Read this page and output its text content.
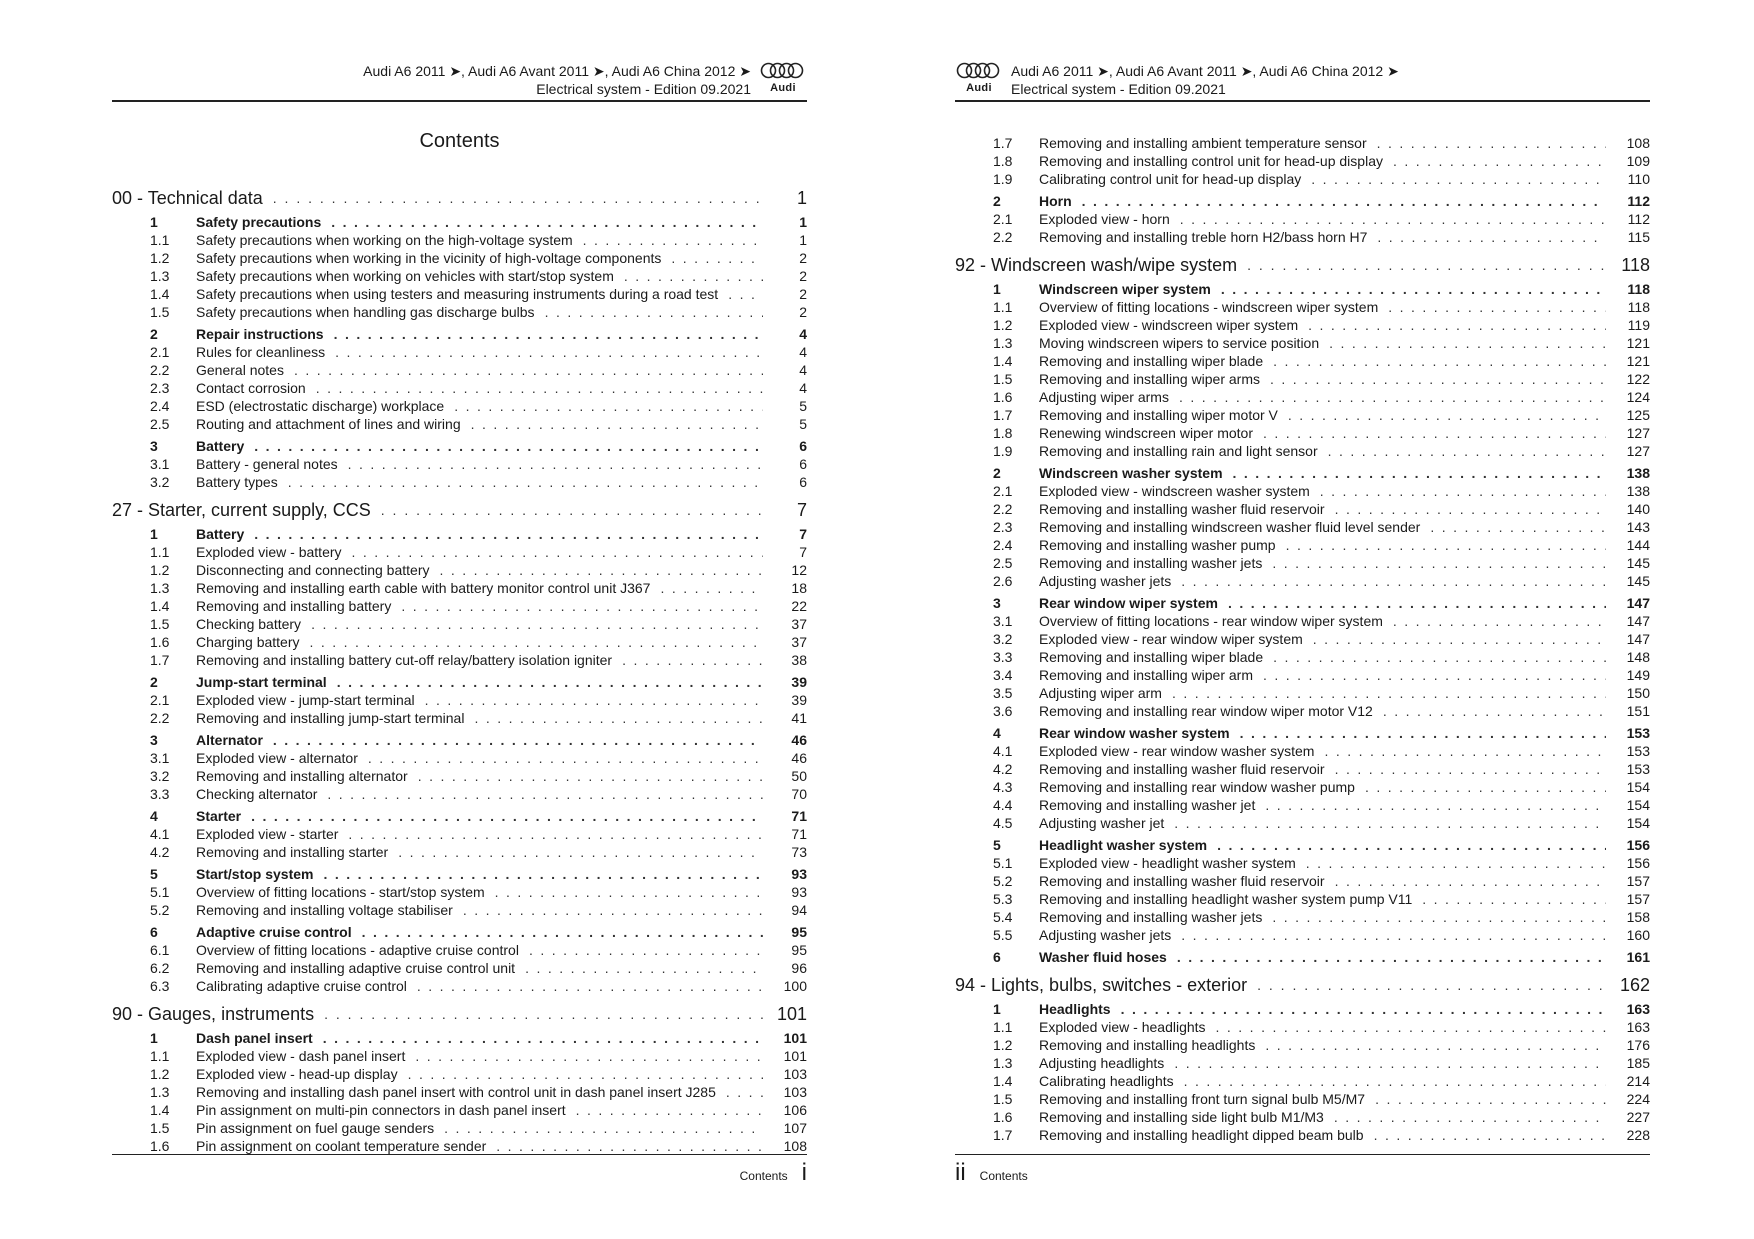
Audi A6 2011 ➤, Audi A6 Avant 2011 ➤, Audi A6 China 2012 ➤
Electrical system - Edition 09.2021 Audi
Contents
00 - Technical data . . .	1
1	Safety precautions . . .	1
1.1	Safety precautions when working on the high-voltage system . . .	1
1.2	Safety precautions when working in the vicinity of high-voltage components . . .	2
1.3	Safety precautions when working on vehicles with start/stop system . . .	2
1.4	Safety precautions when using testers and measuring instruments during a road test . . .	2
1.5	Safety precautions when handling gas discharge bulbs . . .	2
2	Repair instructions . . .	4
2.1	Rules for cleanliness . . .	4
2.2	General notes . . .	4
2.3	Contact corrosion . . .	4
2.4	ESD (electrostatic discharge) workplace . . .	5
2.5	Routing and attachment of lines and wiring . . .	5
3	Battery . . .	6
3.1	Battery - general notes . . .	6
3.2	Battery types . . .	6
27 - Starter, current supply, CCS . . .	7
1	Battery . . .	7
1.1	Exploded view - battery . . .	7
1.2	Disconnecting and connecting battery . . .	12
1.3	Removing and installing earth cable with battery monitor control unit J367 . . .	18
1.4	Removing and installing battery . . .	22
1.5	Checking battery . . .	37
1.6	Charging battery . . .	37
1.7	Removing and installing battery cut-off relay/battery isolation igniter . . .	38
2	Jump-start terminal . . .	39
2.1	Exploded view - jump-start terminal . . .	39
2.2	Removing and installing jump-start terminal . . .	41
3	Alternator . . .	46
3.1	Exploded view - alternator . . .	46
3.2	Removing and installing alternator . . .	50
3.3	Checking alternator . . .	70
4	Starter . . .	71
4.1	Exploded view - starter . . .	71
4.2	Removing and installing starter . . .	73
5	Start/stop system . . .	93
5.1	Overview of fitting locations - start/stop system . . .	93
5.2	Removing and installing voltage stabiliser . . .	94
6	Adaptive cruise control . . .	95
6.1	Overview of fitting locations - adaptive cruise control . . .	95
6.2	Removing and installing adaptive cruise control unit . . .	96
6.3	Calibrating adaptive cruise control . . .	100
90 - Gauges, instruments . . .	101
1	Dash panel insert . . .	101
1.1	Exploded view - dash panel insert . . .	101
1.2	Exploded view - head-up display . . .	103
1.3	Removing and installing dash panel insert with control unit in dash panel insert J285 . . .	103
1.4	Pin assignment on multi-pin connectors in dash panel insert . . .	106
1.5	Pin assignment on fuel gauge senders . . .	107
1.6	Pin assignment on coolant temperature sender . . .	108
Contents i
Audi
Audi A6 2011 ➤, Audi A6 Avant 2011 ➤, Audi A6 China 2012 ➤
Electrical system - Edition 09.2021
1.7	Removing and installing ambient temperature sensor . . .	108
1.8	Removing and installing control unit for head-up display . . .	109
1.9	Calibrating control unit for head-up display . . .	110
2	Horn . . .	112
2.1	Exploded view - horn . . .	112
2.2	Removing and installing treble horn H2/bass horn H7 . . .	115
92 - Windscreen wash/wipe system . . .	118
1	Windscreen wiper system . . .	118
1.1	Overview of fitting locations - windscreen wiper system . . .	118
1.2	Exploded view - windscreen wiper system . . .	119
1.3	Moving windscreen wipers to service position . . .	121
1.4	Removing and installing wiper blade . . .	121
1.5	Removing and installing wiper arms . . .	122
1.6	Adjusting wiper arms . . .	124
1.7	Removing and installing wiper motor V . . .	125
1.8	Renewing windscreen wiper motor . . .	127
1.9	Removing and installing rain and light sensor . . .	127
2	Windscreen washer system . . .	138
2.1	Exploded view - windscreen washer system . . .	138
2.2	Removing and installing washer fluid reservoir . . .	140
2.3	Removing and installing windscreen washer fluid level sender . . .	143
2.4	Removing and installing washer pump . . .	144
2.5	Removing and installing washer jets . . .	145
2.6	Adjusting washer jets . . .	145
3	Rear window wiper system . . .	147
3.1	Overview of fitting locations - rear window wiper system . . .	147
3.2	Exploded view - rear window wiper system . . .	147
3.3	Removing and installing wiper blade . . .	148
3.4	Removing and installing wiper arm . . .	149
3.5	Adjusting wiper arm . . .	150
3.6	Removing and installing rear window wiper motor V12 . . .	151
4	Rear window washer system . . .	153
4.1	Exploded view - rear window washer system . . .	153
4.2	Removing and installing washer fluid reservoir . . .	153
4.3	Removing and installing rear window washer pump . . .	154
4.4	Removing and installing washer jet . . .	154
4.5	Adjusting washer jet . . .	154
5	Headlight washer system . . .	156
5.1	Exploded view - headlight washer system . . .	156
5.2	Removing and installing washer fluid reservoir . . .	157
5.3	Removing and installing headlight washer system pump V11 . . .	157
5.4	Removing and installing washer jets . . .	158
5.5	Adjusting washer jets . . .	160
6	Washer fluid hoses . . .	161
94 - Lights, bulbs, switches - exterior . . .	162
1	Headlights . . .	163
1.1	Exploded view - headlights . . .	163
1.2	Removing and installing headlights . . .	176
1.3	Adjusting headlights . . .	185
1.4	Calibrating headlights . . .	214
1.5	Removing and installing front turn signal bulb M5/M7 . . .	224
1.6	Removing and installing side light bulb M1/M3 . . .	227
1.7	Removing and installing headlight dipped beam bulb . . .	228
ii Contents
